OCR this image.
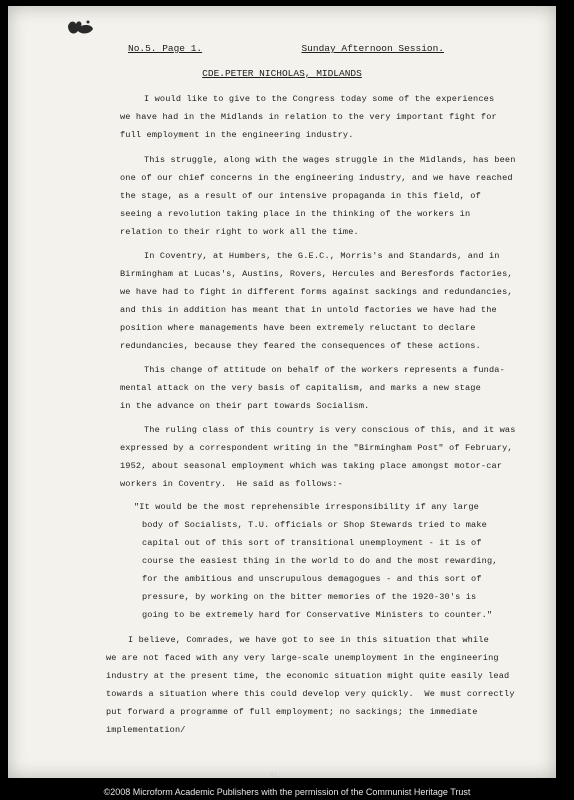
No.5. Page 1.	Sunday Afternoon Session.
CDE.PETER NICHOLAS, MIDLANDS
I would like to give to the Congress today some of the experiences
we have had in the Midlands in relation to the very important fight for
full employment in the engineering industry.
This struggle, along with the wages struggle in the Midlands, has been
one of our chief concerns in the engineering industry, and we have reached
the stage, as a result of our intensive propaganda in this field, of
seeing a revolution taking place in the thinking of the workers in
relation to their right to work all the time.
In Coventry, at Humbers, the G.E.C., Morris's and Standards, and in
Birmingham at Lucas's, Austins, Rovers, Hercules and Beresfords factories,
we have had to fight in different forms against sackings and redundancies,
and this in addition has meant that in untold factories we have had the
position where managements have been extremely reluctant to declare
redundancies, because they feared the consequences of these actions.
This change of attitude on behalf of the workers represents a funda-
mental attack on the very basis of capitalism, and marks a new stage
in the advance on their part towards Socialism.
The ruling class of this country is very conscious of this, and it was
expressed by a correspondent writing in the "Birmingham Post" of February,
1952, about seasonal employment which was taking place amongst motor-car
workers in Coventry.  He said as follows:-
"It would be the most reprehensible irresponsibility if any large
body of Socialists, T.U. officials or Shop Stewards tried to make
capital out of this sort of transitional unemployment - it is of
course the easiest thing in the world to do and the most rewarding,
for the ambitious and unscrupulous demagogues - and this sort of
pressure, by working on the bitter memories of the 1920-30's is
going to be extremely hard for Conservative Ministers to counter."
I believe, Comrades, we have got to see in this situation that while
we are not faced with any very large-scale unemployment in the engineering
industry at the present time, the economic situation might quite easily lead
towards a situation where this could develop very quickly.  We must correctly
put forward a programme of full employment; no sackings; the immediate
implementation/
42
©2008 Microform Academic Publishers with the permission of the Communist Heritage Trust
